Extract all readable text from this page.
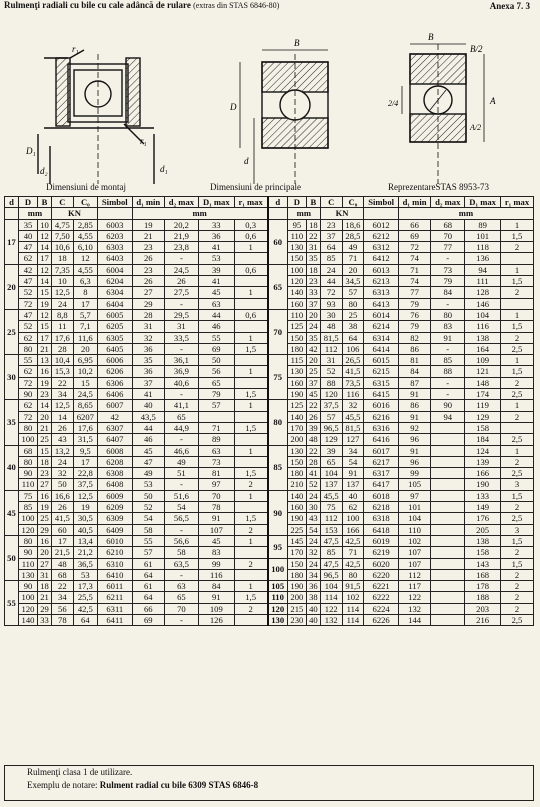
Rulmenţi radiali cu bile cu cale adâncă de rulare (extras din STAS 6846-80)	Anexa 7. 3
r₁
r₁
D₁
d₂	d₁
B
D
d
B
B/2
A
2/4
A/2
Dimensiuni de montaj	Dimensiuni de principale	ReprezentareSTAS 8953-73
d	D	B	C	C₀	Simbol	d₁ min	d₂ max	D₁ max	r₁ max	d	D	B	C	C₀	Simbol	d₁ min	d₂ max	D₁ max	r₁ max
	mm		KN			mm					mm		KN			mm			
17	35	10	4,75	2,85	6003	19	20,2	33	0,3	60	95	18	23	18,6	6012	66	68	89	1
	40	12	7,50	4,55	6203	21	21,9	36	0,6		110	22	37	28,5	6212	69	70	101	1,5
	47	14	10,6	6,10	6303	23	23,8	41	1		130	31	64	49	6312	72	77	118	2
	62	17	18	12	6403	26	-	53			150	35	85	71	6412	74	-	136	
20	42	12	7,35	4,55	6004	23	24,5	39	0,6	65	100	18	24	20	6013	71	73	94	1
	47	14	10	6,3	6204	26	26	41			120	23	44	34,5	6213	74	79	111	1,5
	52	15	12,5	8	6304	27	27,5	45	1		140	33	72	57	6313	77	84	128	2
	72	19	24	17	6404	29	-	63			160	37	93	80	6413	79	-	146	
25	47	12	8,8	5,7	6005	28	29,5	44	0,6	70	110	20	30	25	6014	76	80	104	1
	52	15	11	7,1	6205	31	31	46			125	24	48	38	6214	79	83	116	1,5
	62	17	17,6	11,6	6305	32	33,5	55	1		150	35	81,5	64	6314	82	91	138	2
	80	21	28	20	6405	36	-	69	1,5		180	42	112	106	6414	86	-	164	2,5
30	55	13	10,4	6,95	6006	35	36,1	50		75	115	20	31	26,5	6015	81	85	109	1
	62	16	15,3	10,2	6206	36	36,9	56	1		130	25	52	41,5	6215	84	88	121	1,5
	72	19	22	15	6306	37	40,6	65			160	37	88	73,5	6315	87	-	148	2
	90	23	34	24,5	6406	41	-	79	1,5		190	45	120	116	6415	91	-	174	2,5
35	62	14	12,5	8,65	6007	40	41,1	57	1	80	125	22	37,5	32	6016	86	90	119	1
	72	20	14	6207	42	43,5	65				140	26	57	45,5	6216	91	94	129	2
	80	21	26	17,6	6307	44	44,9	71	1,5		170	39	96,5	81,5	6316	92		158	
	100	25	43	31,5	6407	46	-	89			200	48	129	127	6416	96		184	2,5
40	68	15	13,2	9,5	6008	45	46,6	63	1	85	130	22	39	34	6017	91		124	1
	80	18	24	17	6208	47	49	73			150	28	65	54	6217	96		139	2
	90	23	32	22,8	6308	49	51	81	1,5		180	41	104	91	6317	99		166	2,5
	110	27	50	37,5	6408	53	-	97	2		210	52	137	137	6417	105		190	3
45	75	16	16,6	12,5	6009	50	51,6	70	1	90	140	24	45,5	40	6018	97		133	1,5
	85	19	26	19	6209	52	54	78			160	30	75	62	6218	101		149	2
	100	25	41,5	30,5	6309	54	56,5	91	1,5		190	43	112	100	6318	104		176	2,5
	120	29	60	40,5	6409	58	-	107	2		225	54	153	166	6418	110		205	3
50	80	16	17	13,4	6010	55	56,6	45	1	95	145	24	47,5	42,5	6019	102		138	1,5
	90	20	21,5	21,2	6210	57	58	83			170	32	85	71	6219	107		158	2
	110	27	48	36,5	6310	61	63,5	99	2	100	150	24	47,5	42,5	6020	107		143	1,5
	130	31	68	53	6410	64	-	116			180	34	96,5	80	6220	112		168	2
55	90	18	22	17,3	6011	61	63	84	1	105	190	36	104	91,5	6221	117		178	2
	100	21	34	25,5	6211	64	65	91	1,5	110	200	38	114	102	6222	122		188	2
	120	29	56	42,5	6311	66	70	109	2	120	215	40	122	114	6224	132		203	2
	140	33	78	64	6411	69	-	126		130	230	40	132	114	6226	144		216	2,5
Rulmenţi clasa 1 de utilizare.
Exemplu de notare: Rulment radial cu bile 6309 STAS 6846-8
